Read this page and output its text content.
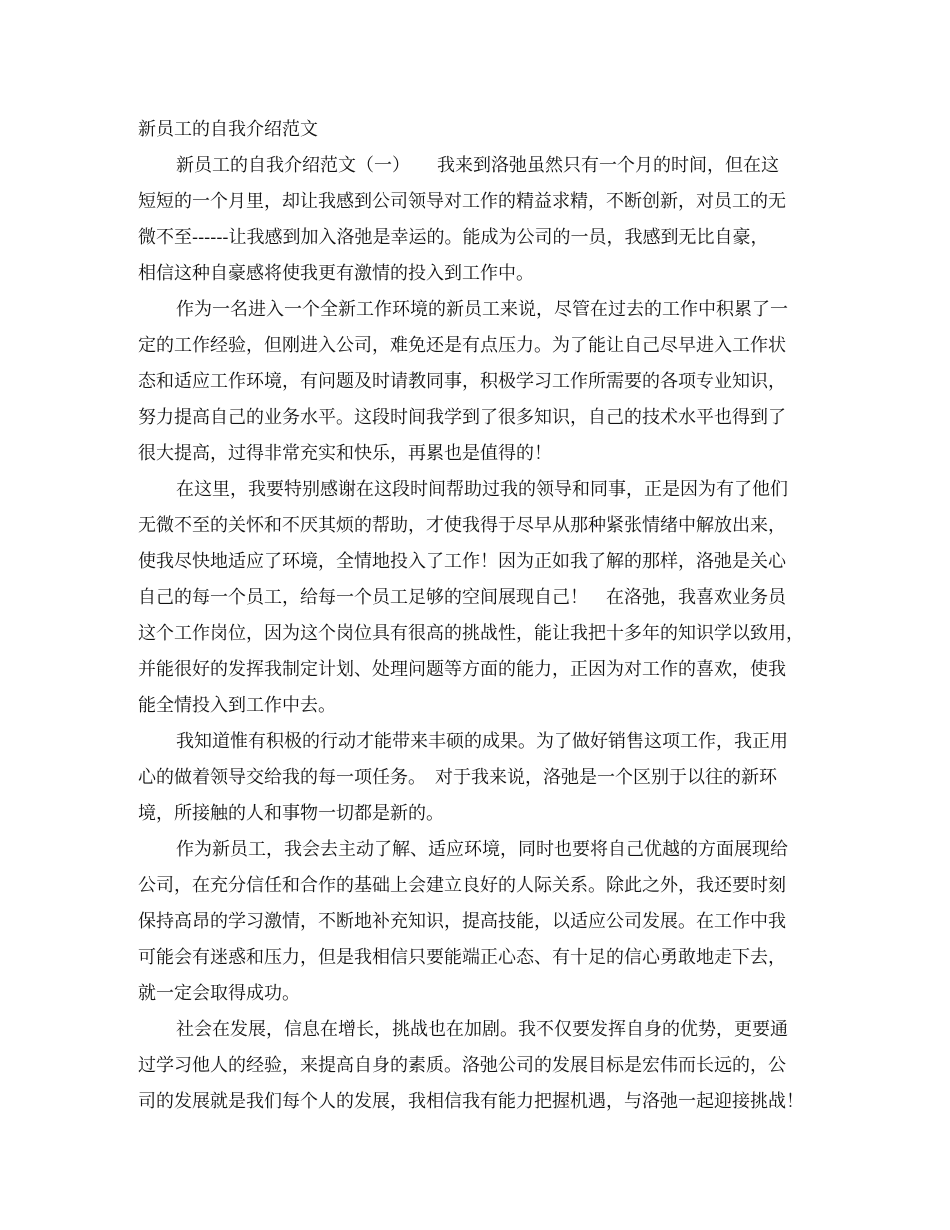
新员工的自我介绍范文

新员工的自我介绍范文（一）　　我来到洛弛虽然只有一个月的时间，但在这

短短的一个月里，却让我感到公司领导对工作的精益求精，不断创新，对员工的无

微不至------让我感到加入洛弛是幸运的。能成为公司的一员，我感到无比自豪，

相信这种自豪感将使我更有激情的投入到工作中。

作为一名进入一个全新工作环境的新员工来说，尽管在过去的工作中积累了一

定的工作经验，但刚进入公司，难免还是有点压力。为了能让自己尽早进入工作状

态和适应工作环境，有问题及时请教同事，积极学习工作所需要的各项专业知识，

努力提高自己的业务水平。这段时间我学到了很多知识，自己的技术水平也得到了

很大提高，过得非常充实和快乐，再累也是值得的！

在这里，我要特别感谢在这段时间帮助过我的领导和同事，正是因为有了他们

无微不至的关怀和不厌其烦的帮助，才使我得于尽早从那种紧张情绪中解放出来，

使我尽快地适应了环境，全情地投入了工作！因为正如我了解的那样，洛弛是关心

自己的每一个员工，给每一个员工足够的空间展现自己！　在洛弛，我喜欢业务员

这个工作岗位，因为这个岗位具有很高的挑战性，能让我把十多年的知识学以致用，

并能很好的发挥我制定计划、处理问题等方面的能力，正因为对工作的喜欢，使我

能全情投入到工作中去。

我知道惟有积极的行动才能带来丰硕的成果。为了做好销售这项工作，我正用

心的做着领导交给我的每一项任务。　对于我来说，洛弛是一个区别于以往的新环

境，所接触的人和事物一切都是新的。

作为新员工，我会去主动了解、适应环境，同时也要将自己优越的方面展现给

公司，在充分信任和合作的基础上会建立良好的人际关系。除此之外，我还要时刻

保持高昂的学习激情，不断地补充知识，提高技能，以适应公司发展。在工作中我

可能会有迷惑和压力，但是我相信只要能端正心态、有十足的信心勇敢地走下去，

就一定会取得成功。

社会在发展，信息在增长，挑战也在加剧。我不仅要发挥自身的优势，更要通

过学习他人的经验，来提高自身的素质。洛弛公司的发展目标是宏伟而长远的，公

司的发展就是我们每个人的发展，我相信我有能力把握机遇，与洛弛一起迎接挑战！
